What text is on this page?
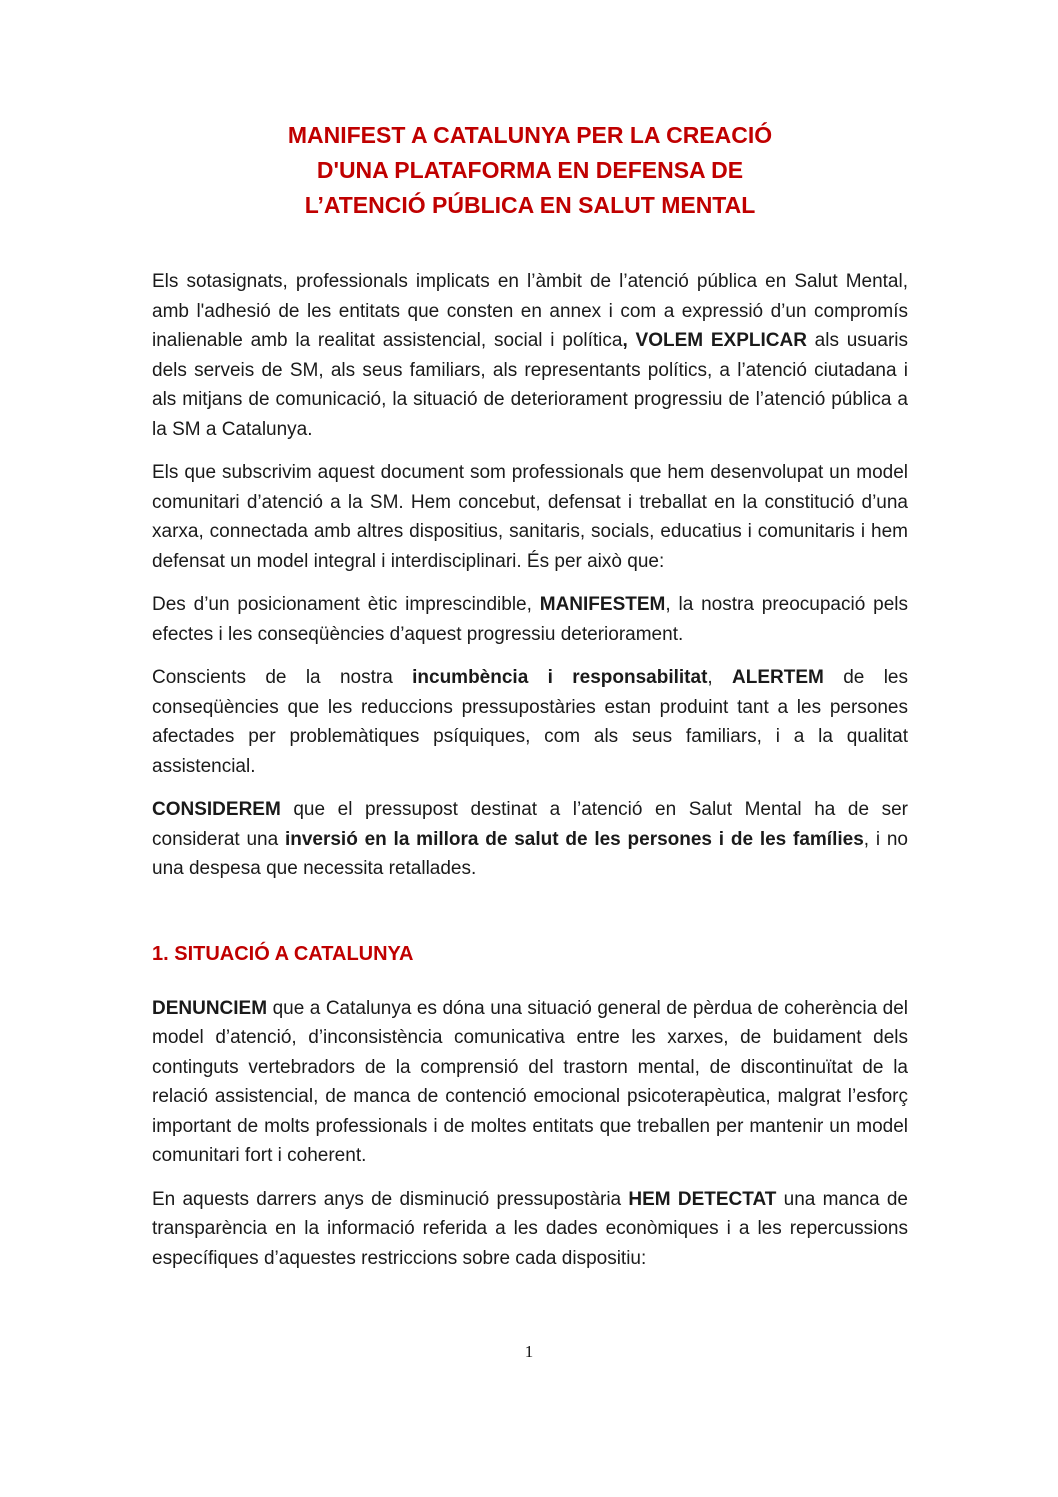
MANIFEST A CATALUNYA PER LA CREACIÓ
D'UNA PLATAFORMA EN DEFENSA DE
L’ATENCIÓ PÚBLICA EN SALUT MENTAL

Els sotasignats, professionals implicats en l’àmbit de l’atenció pública en Salut Mental, amb l'adhesió de les entitats que consten en annex i com a expressió d’un compromís inalienable amb la realitat assistencial, social i política, VOLEM EXPLICAR als usuaris dels serveis de SM, als seus familiars, als representants polítics, a l’atenció ciutadana i als mitjans de comunicació, la situació de deteriorament progressiu de l’atenció pública a la SM a Catalunya.

Els que subscrivim aquest document som professionals que hem desenvolupat un model comunitari d’atenció a la SM. Hem concebut, defensat i treballat en la constitució d’una xarxa, connectada amb altres dispositius, sanitaris, socials, educatius i comunitaris i hem defensat un model integral i interdisciplinari. És per això que:

Des d’un posicionament ètic imprescindible, MANIFESTEM, la nostra preocupació pels efectes i les conseqüències d’aquest progressiu deteriorament.

Conscients de la nostra incumbència i responsabilitat, ALERTEM de les conseqüències que les reduccions pressupostàries estan produint tant a les persones afectades per problemàtiques psíquiques, com als seus familiars, i a la qualitat assistencial.

CONSIDEREM que el pressupost destinat a l’atenció en Salut Mental ha de ser considerat una inversió en la millora de salut de les persones i de les famílies, i no una despesa que necessita retallades.

1. SITUACIÓ A CATALUNYA

DENUNCIEM que a Catalunya es dóna una situació general de pèrdua de coherència del model d’atenció, d’inconsistència comunicativa entre les xarxes, de buidament dels continguts vertebradors de la comprensió del trastorn mental, de discontinuïtat de la relació assistencial, de manca de contenció emocional psicoterapèutica, malgrat l’esforç important de molts professionals i de moltes entitats que treballen per mantenir un model comunitari fort i coherent.

En aquests darrers anys de disminució pressupostària HEM DETECTAT una manca de transparència en la informació referida a les dades econòmiques i a les repercussions específiques d’aquestes restriccions sobre cada dispositiu:

1
